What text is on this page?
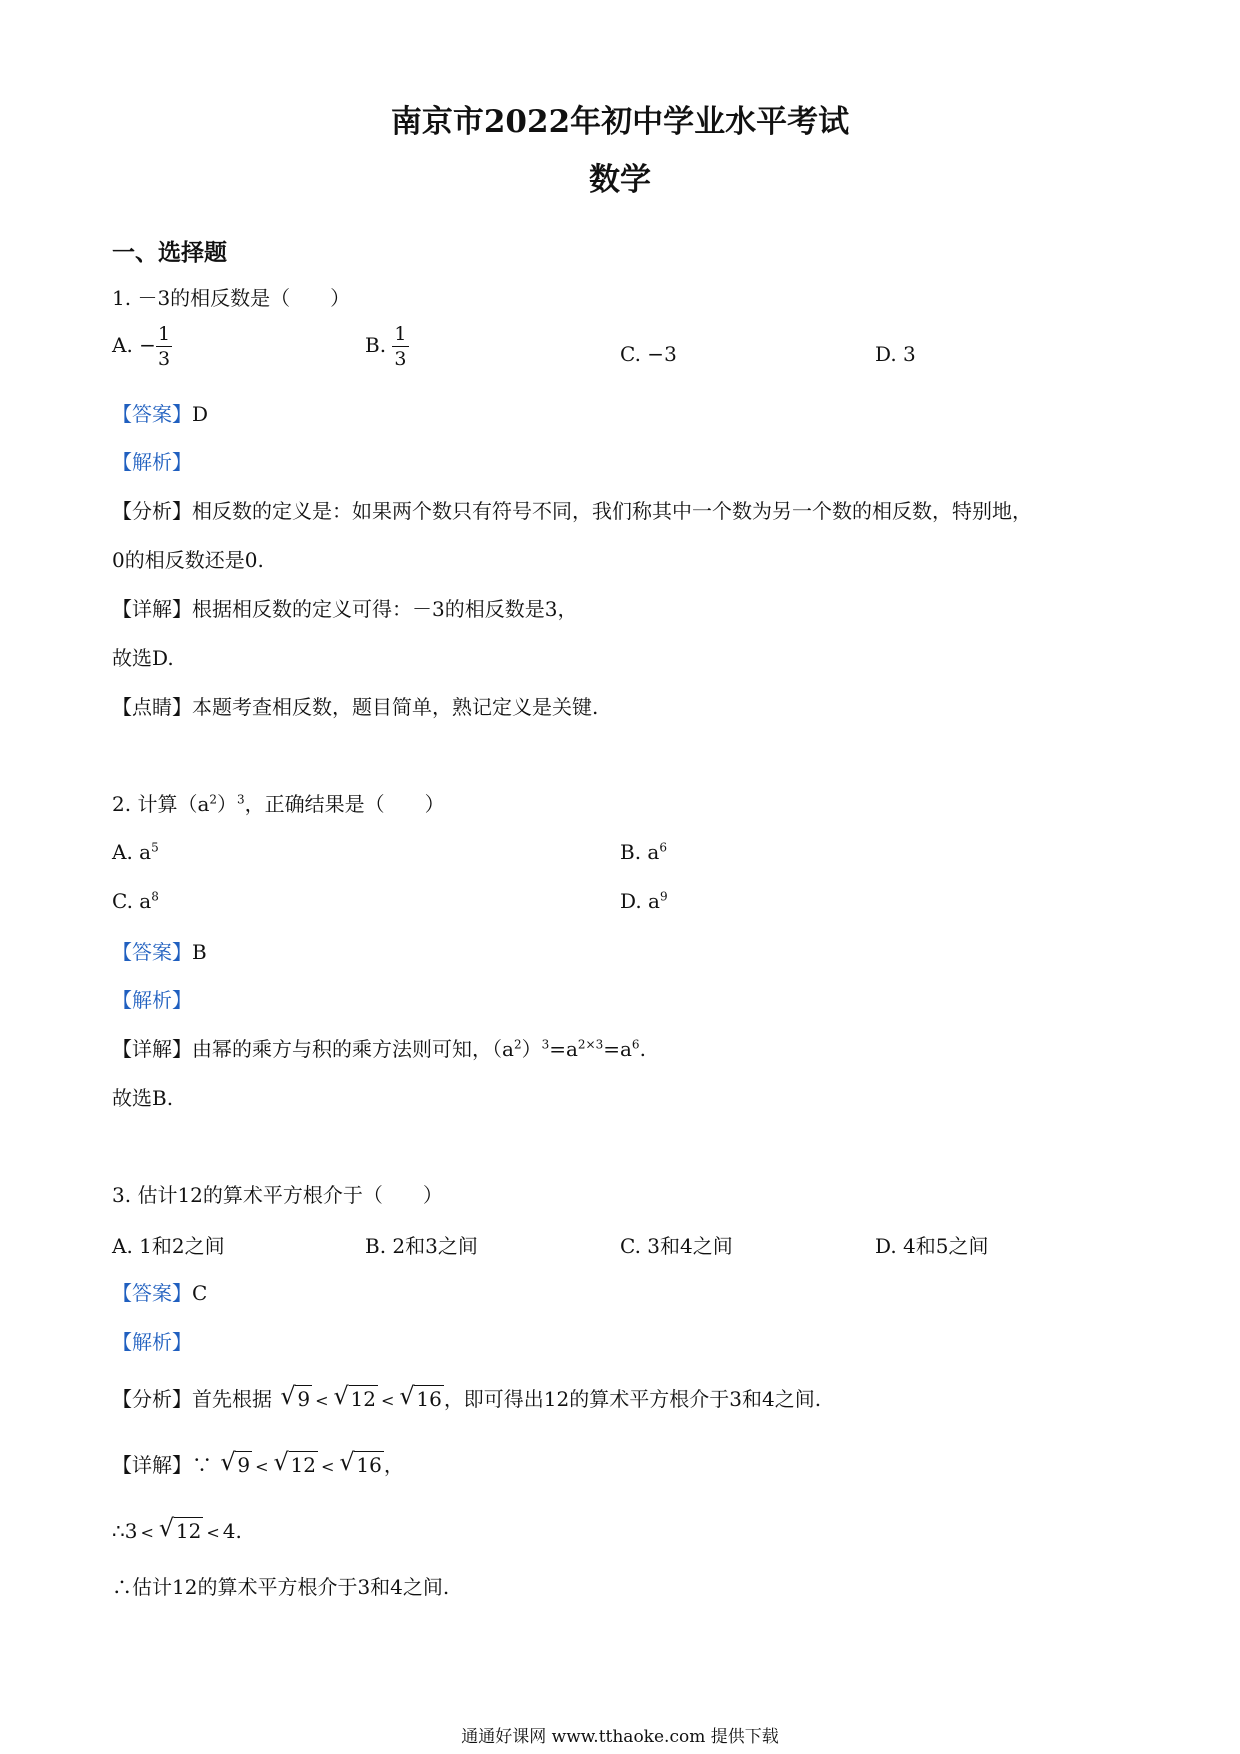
南京市2022年初中学业水平考试
数学
一、选择题
1. －3的相反数是（　　）
A. − $\frac{1}{3}$	B. $\frac{1}{3}$	C. −3	D. 3
【答案】D
【解析】
【分析】相反数的定义是：如果两个数只有符号不同，我们称其中一个数为另一个数的相反数，特别地，
0的相反数还是0.
【详解】根据相反数的定义可得：－3的相反数是3，
故选D.
【点睛】本题考查相反数，题目简单，熟记定义是关键.
2. 计算$(a^2)^3$，正确结果是（　　）
A. $a^5$	B. $a^6$
C. $a^8$	D. $a^9$
【答案】B
【解析】
【详解】由幂的乘方与积的乘方法则可知，$(a^2)^3=a^{2\times 3}=a^6$.
故选B.
3. 估计12的算术平方根介于（　　）
A. 1和2之间	B. 2和3之间	C. 3和4之间	D. 4和5之间
【答案】C
【解析】
【分析】首先根据 √ 9 < √ 12 < √ 16 ，即可得出12的算术平方根介于3和4之间.
【详解】∵ √ 9 < √ 12 < √ 16 ，
∴3 < √ 12 < 4.
∴估计12的算术平方根介于3和4之间.
通通好课网 www.tthaoke.com 提供下载
